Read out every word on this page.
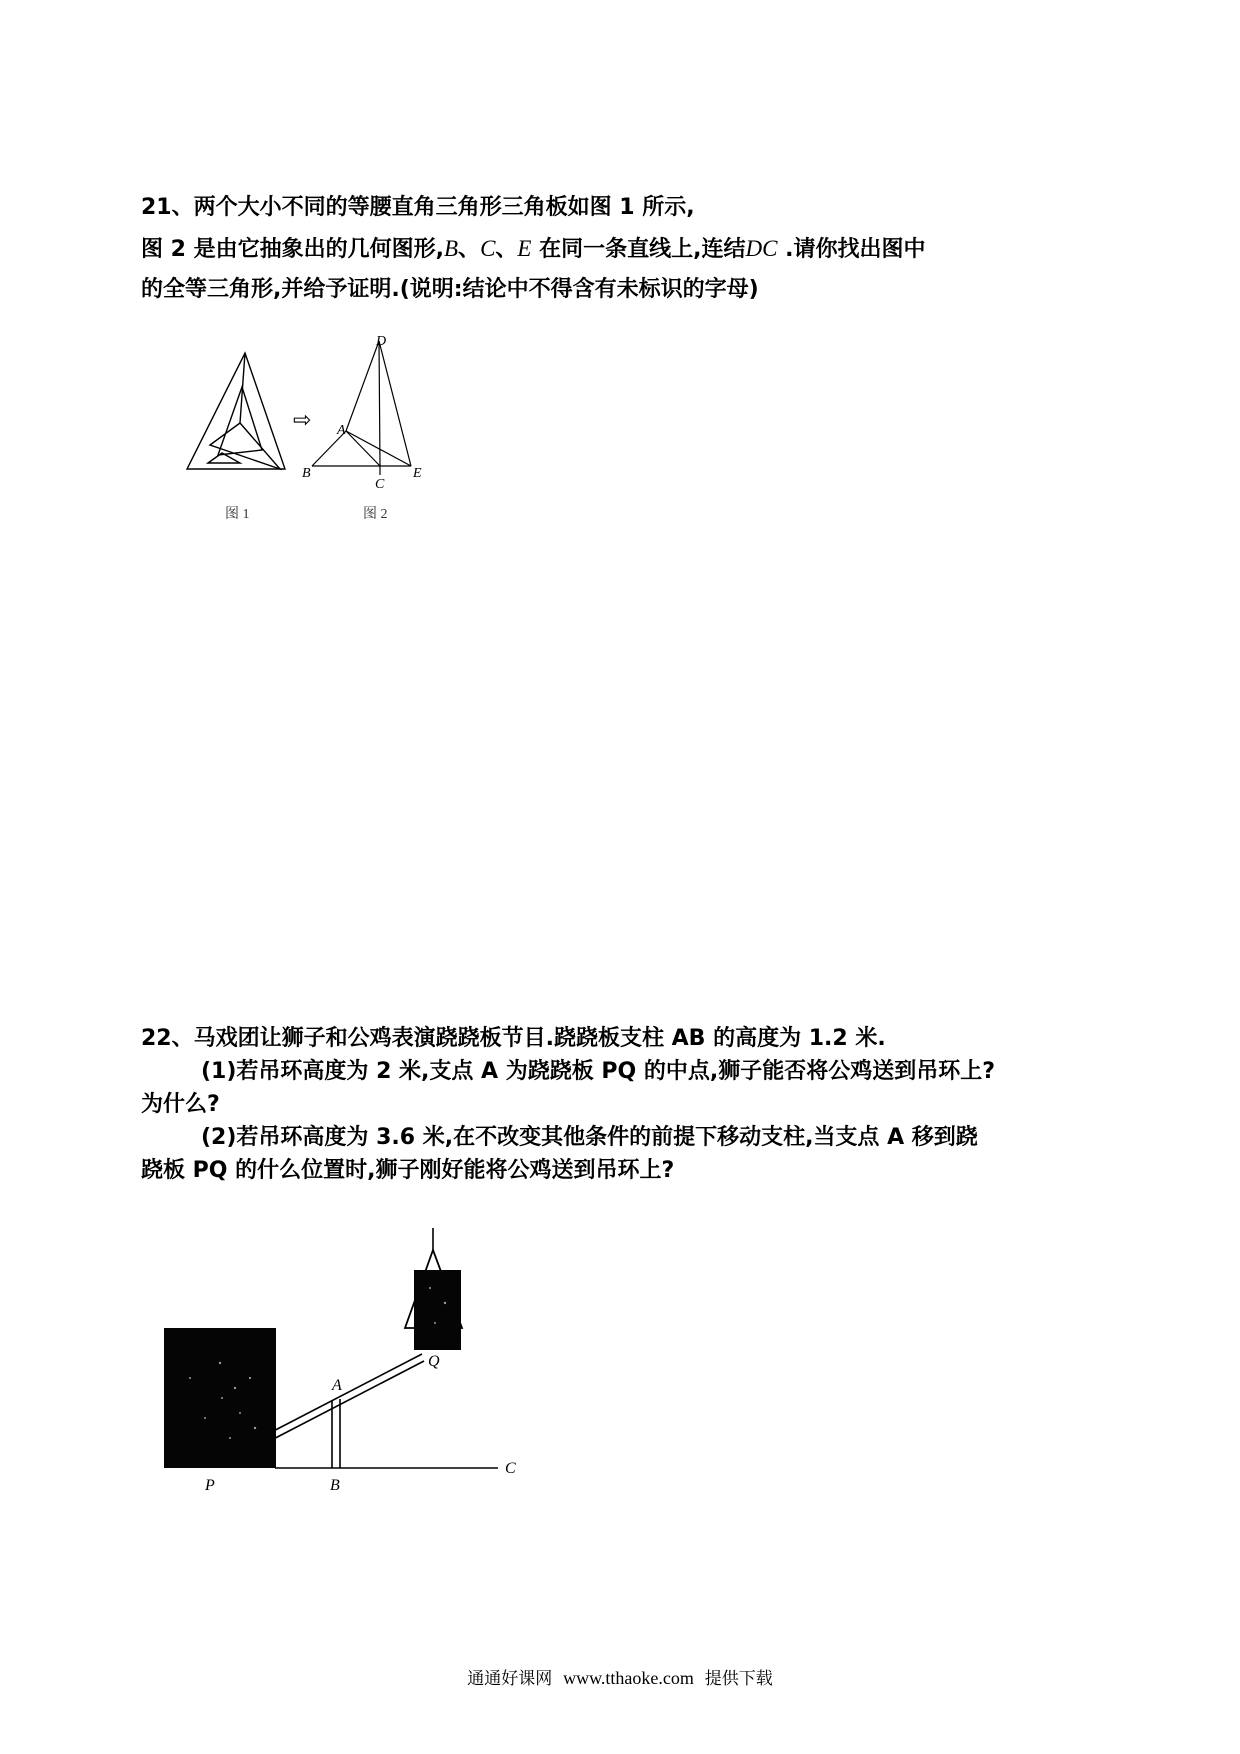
21、两个大小不同的等腰直角三角形三角板如图 1 所示,
图 2 是由它抽象出的几何图形,B、C、E 在同一条直线上,连结DC .请你找出图中
的全等三角形,并给予证明.(说明:结论中不得含有未标识的字母)
⇨
D
A
B
C
E
图 1	图 2
22、马戏团让狮子和公鸡表演跷跷板节目.跷跷板支柱 AB 的高度为 1.2 米.
(1)若吊环高度为 2 米,支点 A 为跷跷板 PQ 的中点,狮子能否将公鸡送到吊环上?
为什么?
(2)若吊环高度为 3.6 米,在不改变其他条件的前提下移动支柱,当支点 A 移到跷
跷板 PQ 的什么位置时,狮子刚好能将公鸡送到吊环上?
A
B
C
P
Q
通通好课网 www.tthaoke.com 提供下载
